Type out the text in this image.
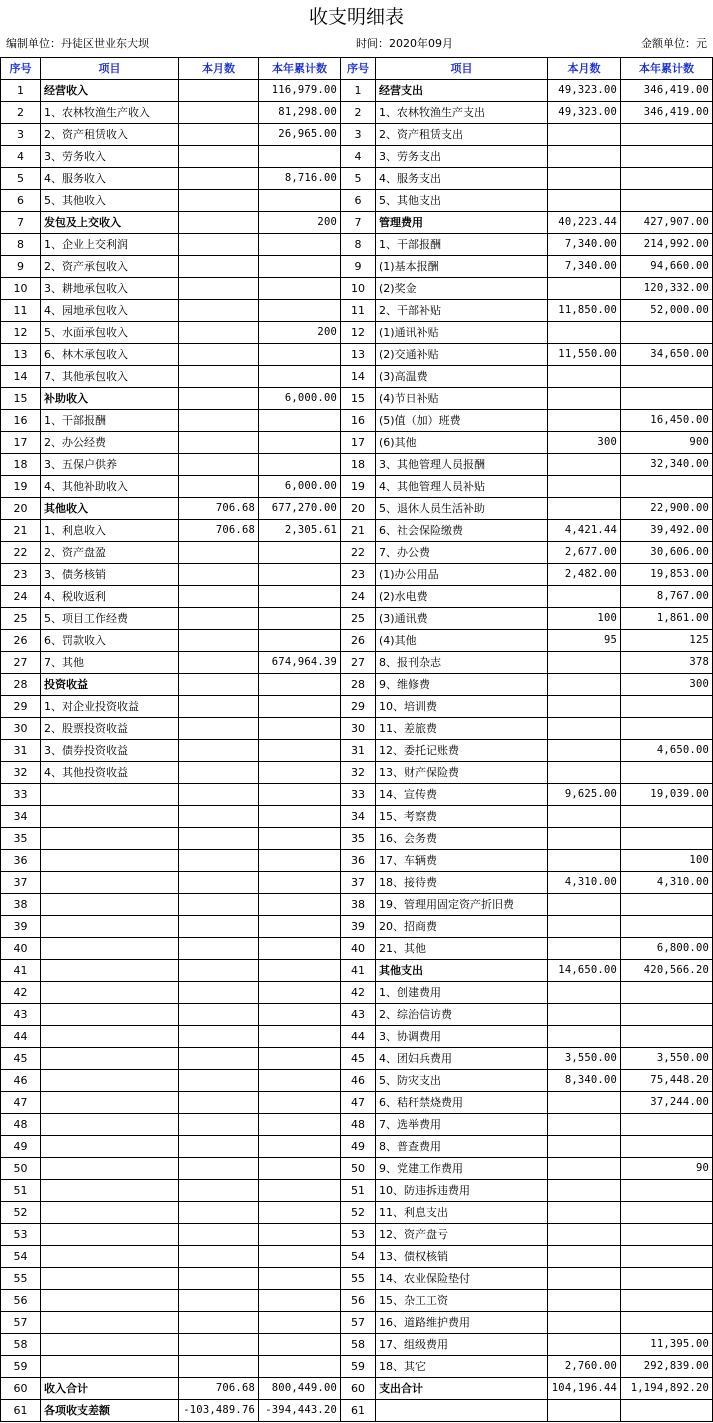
收支明细表
编制单位：丹徒区世业东大坝	时间：2020年09月	金额单位：元
序号	项目	本月数	本年累计数	序号	项目	本月数	本年累计数
1	经营收入		116,979.00	1	经营支出	49,323.00	346,419.00
2	1、农林牧渔生产收入		81,298.00	2	1、农林牧渔生产支出	49,323.00	346,419.00
3	2、资产租赁收入		26,965.00	3	2、资产租赁支出		
4	3、劳务收入			4	3、劳务支出		
5	4、服务收入		8,716.00	5	4、服务支出		
6	5、其他收入			6	5、其他支出		
7	发包及上交收入		200	7	管理费用	40,223.44	427,907.00
8	1、企业上交利润			8	1、干部报酬	7,340.00	214,992.00
9	2、资产承包收入			9	(1)基本报酬	7,340.00	94,660.00
10	3、耕地承包收入			10	(2)奖金		120,332.00
11	4、园地承包收入			11	2、干部补贴	11,850.00	52,000.00
12	5、水面承包收入		200	12	(1)通讯补贴		
13	6、林木承包收入			13	(2)交通补贴	11,550.00	34,650.00
14	7、其他承包收入			14	(3)高温费		
15	补助收入		6,000.00	15	(4)节日补贴		
16	1、干部报酬			16	(5)值（加）班费		16,450.00
17	2、办公经费			17	(6)其他	300	900
18	3、五保户供养			18	3、其他管理人员报酬		32,340.00
19	4、其他补助收入		6,000.00	19	4、其他管理人员补贴		
20	其他收入	706.68	677,270.00	20	5、退休人员生活补助		22,900.00
21	1、利息收入	706.68	2,305.61	21	6、社会保险缴费	4,421.44	39,492.00
22	2、资产盘盈			22	7、办公费	2,677.00	30,606.00
23	3、债务核销			23	(1)办公用品	2,482.00	19,853.00
24	4、税收返利			24	(2)水电费		8,767.00
25	5、项目工作经费			25	(3)通讯费	100	1,861.00
26	6、罚款收入			26	(4)其他	95	125
27	7、其他		674,964.39	27	8、报刊杂志		378
28	投资收益			28	9、维修费		300
29	1、对企业投资收益			29	10、培训费		
30	2、股票投资收益			30	11、差旅费		
31	3、债券投资收益			31	12、委托记账费		4,650.00
32	4、其他投资收益			32	13、财产保险费		
33				33	14、宣传费	9,625.00	19,039.00
34				34	15、考察费		
35				35	16、会务费		
36				36	17、车辆费		100
37				37	18、接待费	4,310.00	4,310.00
38				38	19、管理用固定资产折旧费		
39				39	20、招商费		
40				40	21、其他		6,800.00
41				41	其他支出	14,650.00	420,566.20
42				42	1、创建费用		
43				43	2、综治信访费		
44				44	3、协调费用		
45				45	4、团妇兵费用	3,550.00	3,550.00
46				46	5、防灾支出	8,340.00	75,448.20
47				47	6、秸秆禁烧费用		37,244.00
48				48	7、选举费用		
49				49	8、普查费用		
50				50	9、党建工作费用		90
51				51	10、防违拆违费用		
52				52	11、利息支出		
53				53	12、资产盘亏		
54				54	13、债权核销		
55				55	14、农业保险垫付		
56				56	15、杂工工资		
57				57	16、道路维护费用		
58				58	17、组级费用		11,395.00
59				59	18、其它	2,760.00	292,839.00
60	收入合计	706.68	800,449.00	60	支出合计	104,196.44	1,194,892.20
61	各项收支差额	-103,489.76	-394,443.20	61			
